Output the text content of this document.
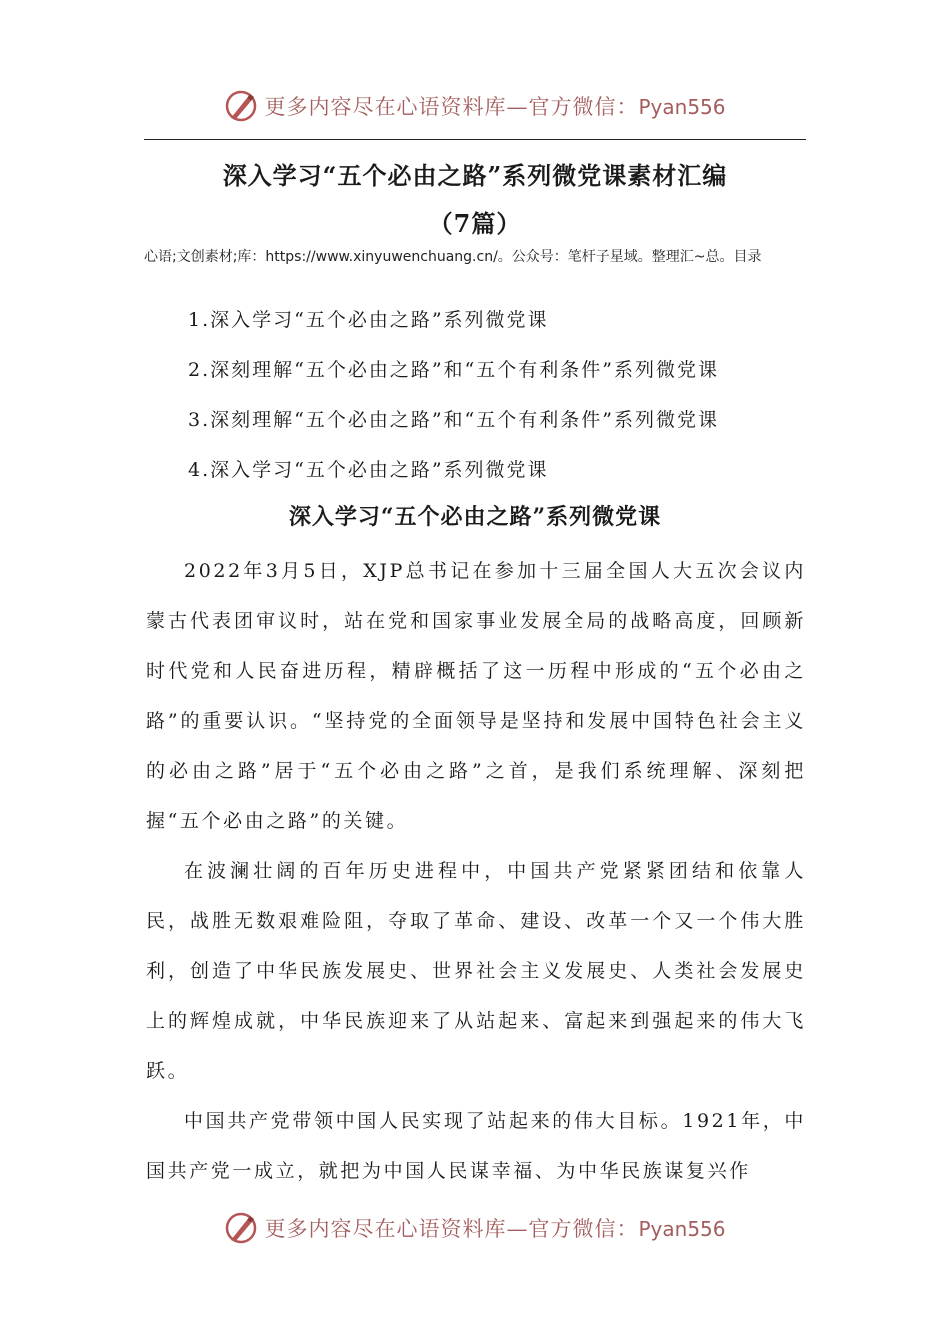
更多内容尽在心语资料库—官方微信：Pyan556
深入学习“五个必由之路”系列微党课素材汇编
（7篇）
心语;文创素材;库：https://www.xinyuwenchuang.cn/。公众号：笔杆子星域。整理汇~总。目录
1.深入学习“五个必由之路”系列微党课
2.深刻理解“五个必由之路”和“五个有利条件”系列微党课
3.深刻理解“五个必由之路”和“五个有利条件”系列微党课
4.深入学习“五个必由之路”系列微党课
深入学习“五个必由之路”系列微党课

2022年3月5日，XJP总书记在参加十三届全国人大五次会议内蒙古代表团审议时，站在党和国家事业发展全局的战略高度，回顾新时代党和人民奋进历程，精辟概括了这一历程中形成的“五个必由之路”的重要认识。“坚持党的全面领导是坚持和发展中国特色社会主义的必由之路”居于“五个必由之路”之首，是我们系统理解、深刻把握“五个必由之路”的关键。

在波澜壮阔的百年历史进程中，中国共产党紧紧团结和依靠人民，战胜无数艰难险阻，夺取了革命、建设、改革一个又一个伟大胜利，创造了中华民族发展史、世界社会主义发展史、人类社会发展史上的辉煌成就，中华民族迎来了从站起来、富起来到强起来的伟大飞跃。

中国共产党带领中国人民实现了站起来的伟大目标。1921年，中国共产党一成立，就把为中国人民谋幸福、为中华民族谋复兴作

更多内容尽在心语资料库—官方微信：Pyan556
